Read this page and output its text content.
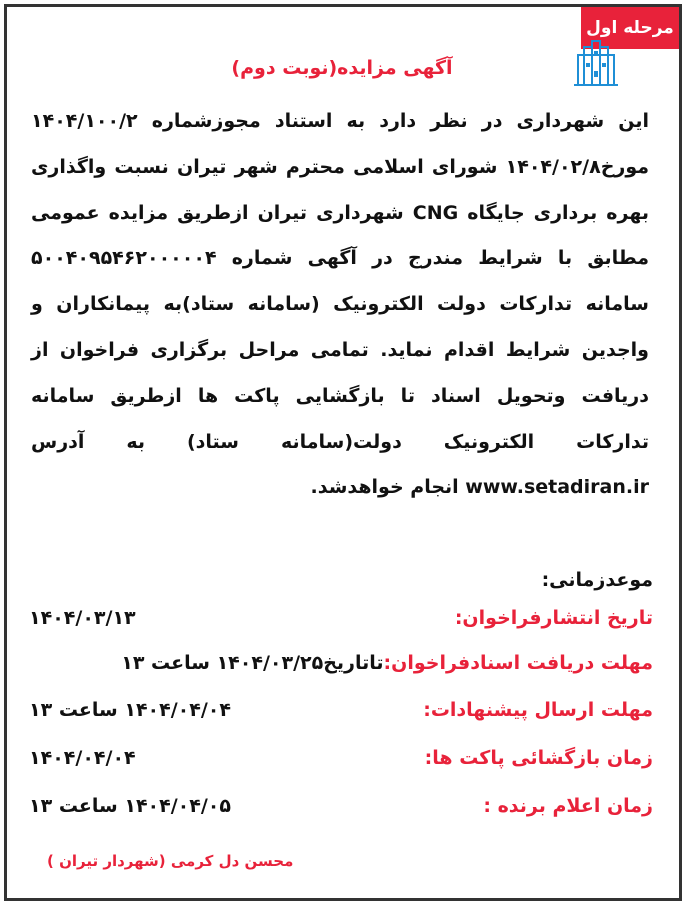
مرحله اول
آگهی مزایده(نوبت دوم)
این شهرداری در نظر دارد به استناد مجوزشماره ۱۴۰۴/۱۰۰/۲ مورخ۱۴۰۴/۰۲/۸ شورای اسلامی محترم شهر تیران نسبت واگذاری بهره برداری جایگاه CNG شهرداری تیران ازطریق مزایده عمومی مطابق با شرایط مندرج در آگهی شماره ۵۰۰۴۰۹۵۴۶۲۰۰۰۰۰۴ سامانه تدارکات دولت الکترونیک (سامانه ستاد)به پیمانکاران و واجدین شرایط اقدام نماید. تمامی مراحل برگزاری فراخوان از دریافت وتحویل اسناد تا بازگشایی پاکت ها ازطریق سامانه تدارکات الکترونیک دولت(سامانه ستاد) به آدرس www.setadiran.ir انجام خواهدشد.
موعدزمانی:
تاریخ انتشارفراخوان:
۱۴۰۴/۰۳/۱۳
مهلت دریافت اسنادفراخوان:تاتاریخ۱۴۰۴/۰۳/۲۵ ساعت ۱۳
مهلت ارسال پیشنهادات:
۱۴۰۴/۰۴/۰۴ ساعت ۱۳
زمان بازگشائی پاکت ها:
۱۴۰۴/۰۴/۰۴
زمان اعلام برنده :
۱۴۰۴/۰۴/۰۵ ساعت ۱۳
محسن دل کرمی (شهردار تیران )
